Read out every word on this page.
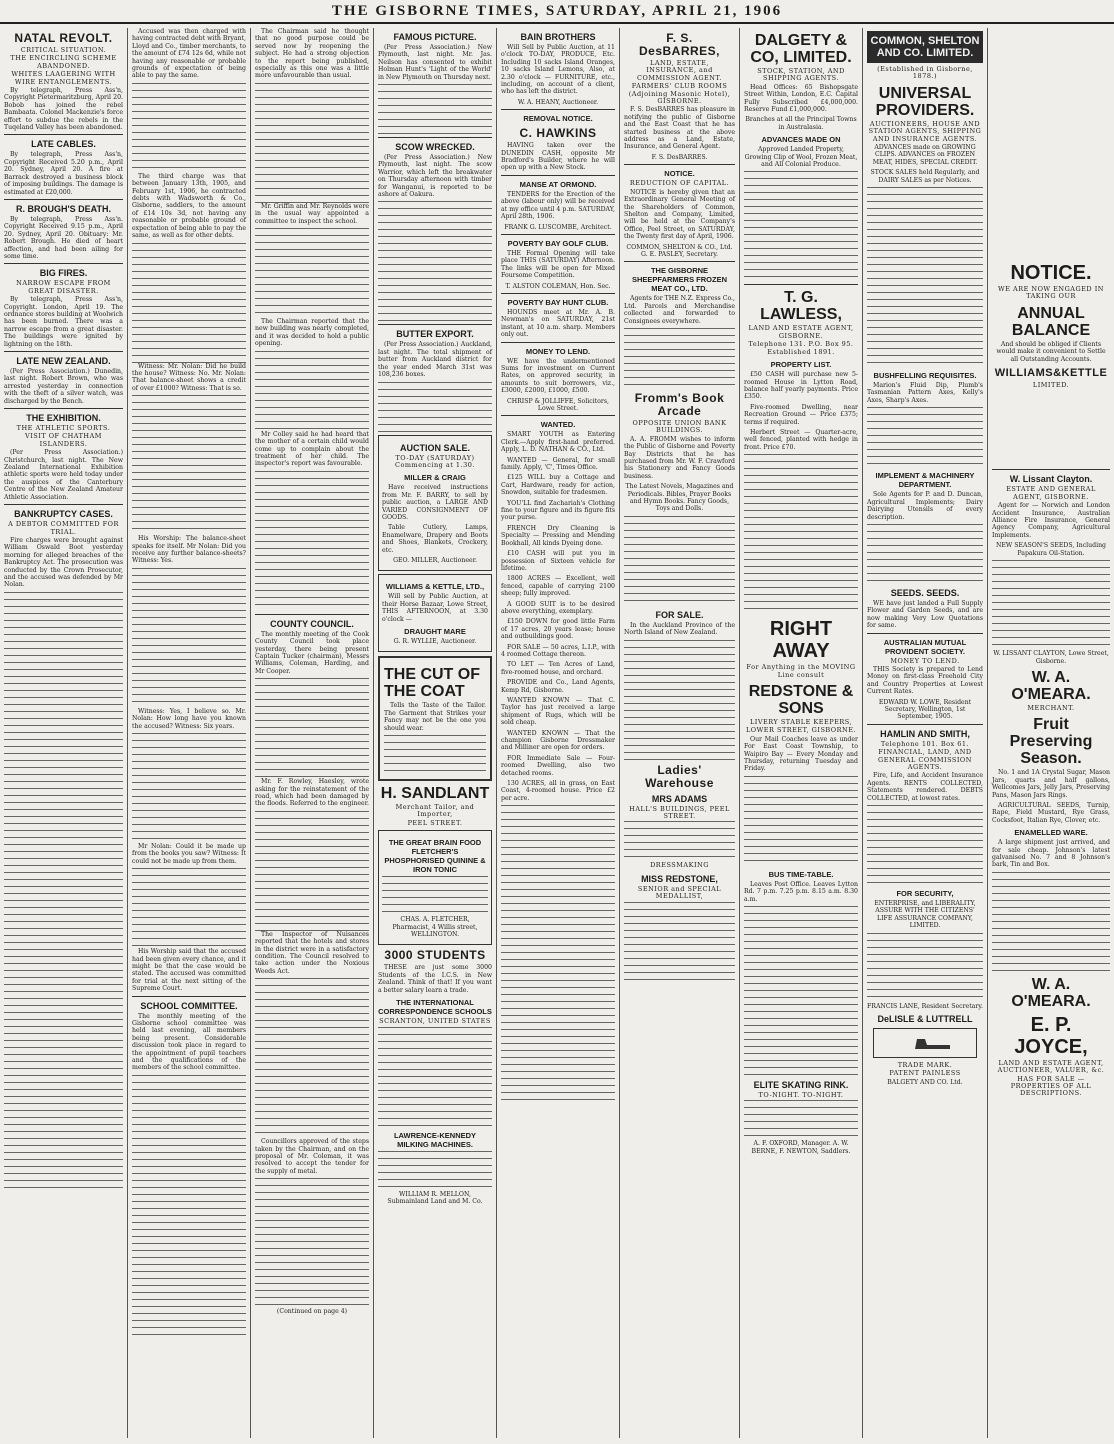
THE GISBORNE TIMES, SATURDAY, APRIL 21, 1906
NATAL REVOLT.
CRITICAL SITUATION.
THE ENCIRCLING SCHEME ABANDONED.
WHITES LAAGERING WITH WIRE ENTANGLEMENTS.

By telegraph, Press Ass'n, Copyright Pietermaritzburg, April 20. Bobob has joined the rebel Bambaata. Colonel Mackenzie's force effort to subdue the rebels in the Tuqeland Valley has been abandoned.

LATE CABLES.

By telegraph, Press Ass'n, Copyright Received 5.20 p.m., April 20. Sydney, April 20. A fire at Barrack destroyed a business block of imposing buildings. The damage is estimated at £20,000.

R. BROUGH'S DEATH.

By telegraph, Press Ass'n. Copyright Received 9.15 p.m., April 20. Sydney, April 20. Obituary: Mr. Robert Brough. He died of heart affection, and had been ailing for some time.

BIG FIRES.
NARROW ESCAPE FROM GREAT DISASTER.

By telegraph, Press Ass'n, Copyright. London, April 19. The ordnance stores building at Woolwich has been burned. There was a narrow escape from a great disaster. The buildings were ignited by lightning on the 18th.

LATE NEW ZEALAND.

(Per Press Association.) Dunedin, last night. Robert Brown, who was arrested yesterday in connection with the theft of a silver watch, was discharged by the Bench.

THE EXHIBITION.
THE ATHLETIC SPORTS.
VISIT OF CHATHAM ISLANDERS.

(Per Press Association.) Christchurch, last night. The New Zealand International Exhibition athletic sports were held today under the auspices of the Canterbury Centre of the New Zealand Amateur Athletic Association.

BANKRUPTCY CASES.
A DEBTOR COMMITTED FOR TRIAL.

Fire charges were brought against William Oswald Boot yesterday morning for alleged breaches of the Bankruptcy Act. The prosecution was conducted by the Crown Prosecutor, and the accused was defended by Mr Nolan.

Accused was then charged with having contracted debt with Bryant, Lloyd and Co., timber merchants, to the amount of £74 12s 6d, while not having any reasonable or probable grounds of expectation of being able to pay the same.

The third charge was that between January 13th, 1905, and February 1st, 1906, he contracted debts with Wadsworth & Co., Gisborne, saddlers, to the amount of £14 10s 3d, not having any reasonable or probable ground of expectation of being able to pay the same, as well as for other debts.

Witness: Mr. Nolan: Did he build the house? Witness: No. Mr. Nolan: That balance-sheet shows a credit of over £1000? Witness: That is so.

His Worship: The balance-sheet speaks for itself. Mr Nolan: Did you receive any further balance-sheets? Witness: Yes.

Witness: Yes, I believe so. Mr. Nolan: How long have you known the accused? Witness: Six years.

Mr Nolan: Could it be made up from the books you saw? Witness: It could not be made up from them.

His Worship said that the accused had been given every chance, and it might be that the case would be stated. The accused was committed for trial at the next sitting of the Supreme Court.

SCHOOL COMMITTEE.

The monthly meeting of the Gisborne school committee was held last evening, all members being present. Considerable discussion took place in regard to the appointment of pupil teachers and the qualifications of the members of the school committee.

The Chairman said he thought that no good purpose could be served now by reopening the subject. He had a strong objection to the report being published, especially as this one was a little more unfavourable than usual.

Mr. Griffin and Mr. Reynolds were in the usual way appointed a committee to inspect the school.

The Chairman reported that the new building was nearly completed, and it was decided to hold a public opening.

Mr Colley said he had heard that the mother of a certain child would come up to complain about the treatment of her child. The inspector's report was favourable.

COUNTY COUNCIL.

The monthly meeting of the Cook County Council took place yesterday, there being present Captain Tucker (chairman), Messrs Williams, Coleman, Harding, and Mr Cooper.

Mr. F. Rowley, Haesley, wrote asking for the reinstatement of the road, which had been damaged by the floods. Referred to the engineer.

The Inspector of Nuisances reported that the hotels and stores in the district were in a satisfactory condition. The Council resolved to take action under the Noxious Weeds Act.

Councillors approved of the steps taken by the Chairman, and on the proposal of Mr. Coleman, it was resolved to accept the tender for the supply of metal.

(Continued on page 4)

FAMOUS PICTURE.

(Per Press Association.) New Plymouth, last night. Mr. Jas. Neilson has consented to exhibit Holman Hunt's 'Light of the World' in New Plymouth on Thursday next.

SCOW WRECKED.

(Per Press Association.) New Plymouth, last night. The scow Warrior, which left the breakwater on Thursday afternoon with timber for Wanganui, is reported to be ashore at Oakura.

BUTTER EXPORT.

(Per Press Association.) Auckland, last night. The total shipment of butter from Auckland district for the year ended March 31st was 108,236 boxes.

AUCTION SALE.
TO-DAY (SATURDAY) Commencing at 1.30.
MILLER & CRAIG

Have received instructions from Mr. F. BARRY, to sell by public auction, a LARGE AND VARIED CONSIGNMENT OF GOODS.

Table Cutlery, Lamps, Enamelware, Drapery and Boots and Shoes, Blankets, Crockery, etc.

GEO. MILLER, Auctioneer.

WILLIAMS & KETTLE, LTD.,

Will sell by Public Auction, at their Horse Bazaar, Lowe Street, THIS AFTERNOON, at 3.30 o'clock —

DRAUGHT MARE

G. R. WYLLIE, Auctioneer.

THE CUT OF THE COAT

Tells the Taste of the Tailor. The Garment that Strikes your Fancy may not be the one you should wear.

H. SANDLANT
Merchant Tailor, and Importer,
PEEL STREET.
THE GREAT BRAIN FOOD FLETCHER'S PHOSPHORISED QUININE & IRON TONIC

CHAS. A. FLETCHER, Pharmacist, 4 Willis street, WELLINGTON.

3000 STUDENTS

THESE are just some 3000 Students of the I.C.S. in New Zealand. Think of that! If you want a better salary learn a trade.

THE INTERNATIONAL CORRESPONDENCE SCHOOLS
SCRANTON, UNITED STATES
LAWRENCE-KENNEDY MILKING MACHINES.

WILLIAM R. MELLON, Submainland Land and M. Co.

BAIN BROTHERS

Will Sell by Public Auction, at 11 o'clock TO-DAY, PRODUCE, Etc. Including 10 sacks Island Oranges, 10 sacks Island Lemons, Also, at 2.30 o'clock — FURNITURE, etc., including, on account of a client, who has left the district.

W. A. HEANY, Auctioneer.

REMOVAL NOTICE.
C. HAWKINS

HAVING taken over the DUNEDIN CASH, opposite Mr Bradford's Builder, where he will open up with a New Stock.

MANSE AT ORMOND.

TENDERS for the Erection of the above (labour only) will be received at my office until 4 p.m. SATURDAY, April 28th, 1906.

FRANK G. LUSCOMBE, Architect.

POVERTY BAY GOLF CLUB.

THE Formal Opening will take place THIS (SATURDAY) Afternoon. The links will be open for Mixed Foursome Competition.

T. ALSTON COLEMAN, Hon. Sec.

POVERTY BAY HUNT CLUB.

HOUNDS meet at Mr. A. B. Newman's on SATURDAY, 21st instant, at 10 a.m. sharp. Members only out.

MONEY TO LEND.

WE have the undermentioned Sums for investment on Current Rates, on approved security, in amounts to suit borrowers, viz., £3000, £2000, £1000, £500.

CHRISP & JOLLIFFE, Solicitors, Lowe Street.

WANTED.

SMART YOUTH as Entering Clerk.—Apply first-hand preferred. Apply, L. D. NATHAN & CO., Ltd.

WANTED — General, for small family. Apply, 'C', Times Office.

£125 WILL buy a Cottage and Cart, Hardware, ready for action, Snowdon, suitable for tradesmen.

YOU'LL find Zachariah's Clothing fine to your figure and its figure fits your purse.

FRENCH Dry Cleaning is Specialty — Pressing and Mending Bookhall, All kinds Dyeing done.

£10 CASH will put you in possession of Sixteen vehicle for lifetime.

1800 ACRES — Excellent, well fenced, capable of carrying 2100 sheep; fully improved.

A GOOD SUIT is to be desired above everything, exemplary.

£150 DOWN for good little Farm of 17 acres, 20 years lease; house and outbuildings good.

FOR SALE — 50 acres, L.I.P., with 4 roomed Cottage thereon.

TO LET — Ten Acres of Land, five-roomed house, and orchard.

PROVIDE and Co., Land Agents, Kemp Rd, Gisborne.

WANTED KNOWN — That C. Taylor has just received a large shipment of Rugs, which will be sold cheap.

WANTED KNOWN — That the champion Gisborne Dressmaker and Milliner are open for orders.

FOR Immediate Sale — Four-roomed Dwelling, also two detached rooms.

130 ACRES, all in grass, on East Coast, 4-roomed house. Price £2 per acre.

F. S. DesBARRES,
LAND, ESTATE, INSURANCE, and COMMISSION AGENT.
FARMERS' CLUB ROOMS (Adjoining Masonic Hotel), GISBORNE.

F. S. DesBARRES has pleasure in notifying the public of Gisborne and the East Coast that he has started business at the above address as a Land, Estate, Insurance, and General Agent.

F. S. DesBARRES.

NOTICE.
REDUCTION OF CAPITAL.

NOTICE is hereby given that an Extraordinary General Meeting of the Shareholders of Common, Shelton and Company, Limited, will be held at the Company's Office, Peel Street, on SATURDAY, the Twenty first day of April, 1906.

COMMON, SHELTON & CO., Ltd. G. E. PASLEY, Secretary.

THE GISBORNE SHEEPFARMERS FROZEN MEAT CO., LTD.

Agents for THE N.Z. Express Co., Ltd. Parcels and Merchandise collected and forwarded to Consignees everywhere.

Fromm's Book Arcade
OPPOSITE UNION BANK BUILDINGS.

A. A. FROMM wishes to inform the Public of Gisborne and Poverty Bay Districts that he has purchased from Mr. W. F. Crawford his Stationery and Fancy Goods business.

The Latest Novels, Magazines and Periodicals. Bibles, Prayer Books and Hymn Books. Fancy Goods, Toys and Dolls.

FOR SALE.

In the Auckland Province of the North Island of New Zealand.

Ladies' Warehouse
MRS ADAMS
HALL'S BUILDINGS, PEEL STREET.
DRESSMAKING
MISS REDSTONE,
SENIOR and SPECIAL MEDALLIST,
DALGETY & CO, LIMITED.
STOCK, STATION, AND SHIPPING AGENTS.

Head Offices: 65 Bishopsgate Street Within, London, E.C. Capital Fully Subscribed £4,000,000. Reserve Fund £1,000,000.

Branches at all the Principal Towns in Australasia.

ADVANCES MADE ON

Approved Landed Property, Growing Clip of Wool, Frozen Meat, and All Colonial Produce.

T. G. LAWLESS,
LAND AND ESTATE AGENT, GISBORNE.
Telephone 131. P.O. Box 95. Established 1891.
PROPERTY LIST.

£50 CASH will purchase new 5-roomed House in Lytton Road, balance half yearly payments. Price £350.

Five-roomed Dwelling, near Recreation Ground — Price £375; terms if required.

Herbert Street — Quarter-acre, well fenced, planted with hedge in front. Price £70.

RIGHT AWAY
For Anything in the MOVING Line consult
REDSTONE & SONS
LIVERY STABLE KEEPERS,
LOWER STREET, GISBORNE.

Our Mail Coaches leave as under For East Coast Township, to Waipiro Bay — Every Monday and Thursday, returning Tuesday and Friday.

BUS TIME-TABLE.

Leaves Post Office. Leaves Lytton Rd. 7 p.m. 7.25 p.m. 8.15 a.m. 8.30 a.m.

ELITE SKATING RINK.
TO-NIGHT. TO-NIGHT.

A. F. OXFORD, Manager. A. W. BERNE, F. NEWTON, Saddlers.

COMMON, SHELTON AND CO. LIMITED.
(Established in Gisborne, 1878.)
UNIVERSAL PROVIDERS.
AUCTIONEERS, HOUSE AND STATION AGENTS, SHIPPING AND INSURANCE AGENTS.

ADVANCES made on GROWING CLIPS. ADVANCES on FROZEN MEAT, HIDES, SPECIAL CREDIT.

STOCK SALES held Regularly, and DAIRY SALES as per Notices.

BUSHFELLING REQUISITES.

Marion's Fluid Dip, Plumb's Tasmanian Pattern Axes, Kelly's Axes, Sharp's Axes.

IMPLEMENT & MACHINERY DEPARTMENT.

Sole Agents for P. and D. Duncan, Agricultural Implements; Dairy Dairying Utensils of every description.

SEEDS. SEEDS.

WE have just landed a Full Supply Flower and Garden Seeds, and are now making Very Low Quotations for same.

AUSTRALIAN MUTUAL PROVIDENT SOCIETY.
MONEY TO LEND.

THIS Society is prepared to Lend Money on first-class Freehold City and Country Properties at Lowest Current Rates.

EDWARD W. LOWE, Resident Secretary, Wellington, 1st September, 1905.

HAMLIN AND SMITH,
Telephone 101. Box 61.
FINANCIAL, LAND, AND GENERAL COMMISSION AGENTS.

Fire, Life, and Accident Insurance Agents. RENTS COLLECTED, Statements rendered. DEBTS COLLECTED, at lowest rates.

FOR SECURITY,

ENTERPRISE, and LIBERALITY, ASSURE WITH THE CITIZENS' LIFE ASSURANCE COMPANY, LIMITED.

FRANCIS LANE, Resident Secretary.

DeLISLE & LUTTRELL
TRADE MARK.
PATENT PAINLESS

BALGETY AND CO. Ltd.

NOTICE.
WE ARE NOW ENGAGED IN TAKING OUR
ANNUAL BALANCE

And should be obliged if Clients would make it convenient to Settle all Outstanding Accounts.

WILLIAMS&KETTLE
LIMITED.
W. Lissant Clayton.
ESTATE AND GENERAL AGENT, GISBORNE.

Agent for — Norwich and London Accident Insurance, Australian Alliance Fire Insurance, General Agency Company, Agricultural Implements.

NEW SEASON'S SEEDS, Including Papakura Oil-Station.

W. LISSANT CLAYTON, Lowe Street, Gisborne.

W. A. O'MEARA.
MERCHANT.
Fruit Preserving Season.

No. 1 and 1A Crystal Sugar, Mason Jars, quarts and half gallons, Wellcomes Jars, Jelly Jars, Preserving Pans, Mason Jars Rings.

AGRICULTURAL SEEDS, Turnip, Rape, Field Mustard, Rye Grass, Cocksfoot, Italian Rye, Clover, etc.

ENAMELLED WARE.

A large shipment just arrived, and for sale cheap. Johnson's latest galvanised No. 7 and 8 Johnson's bark, Tin and Box.

W. A. O'MEARA.
E. P. JOYCE,
LAND AND ESTATE AGENT, AUCTIONEER, VALUER, &c.
HAS FOR SALE — PROPERTIES OF ALL DESCRIPTIONS.
